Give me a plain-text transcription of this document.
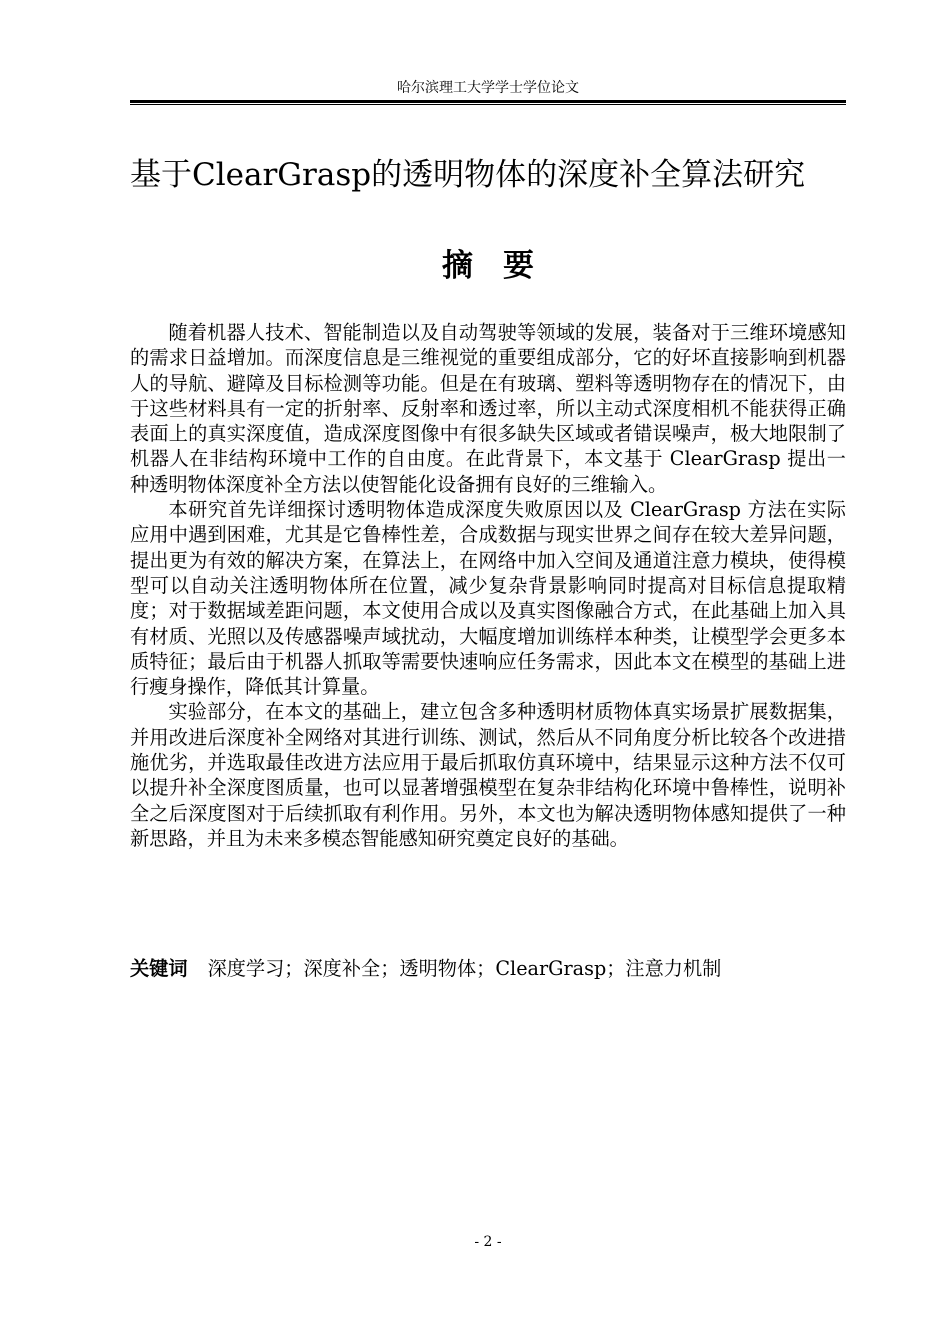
哈尔滨理工大学学士学位论文
基于ClearGrasp的透明物体的深度补全算法研究
摘要

随着机器人技术、智能制造以及自动驾驶等领域的发展，装备对于三维环境感知的需求日益增加。而深度信息是三维视觉的重要组成部分，它的好坏直接影响到机器人的导航、避障及目标检测等功能。但是在有玻璃、塑料等透明物存在的情况下，由于这些材料具有一定的折射率、反射率和透过率，所以主动式深度相机不能获得正确表面上的真实深度值，造成深度图像中有很多缺失区域或者错误噪声，极大地限制了机器人在非结构环境中工作的自由度。在此背景下，本文基于 ClearGrasp 提出一种透明物体深度补全方法以使智能化设备拥有良好的三维输入。

本研究首先详细探讨透明物体造成深度失败原因以及 ClearGrasp 方法在实际应用中遇到困难，尤其是它鲁棒性差，合成数据与现实世界之间存在较大差异问题，提出更为有效的解决方案，在算法上，在网络中加入空间及通道注意力模块，使得模型可以自动关注透明物体所在位置，减少复杂背景影响同时提高对目标信息提取精度；对于数据域差距问题，本文使用合成以及真实图像融合方式，在此基础上加入具有材质、光照以及传感器噪声域扰动，大幅度增加训练样本种类，让模型学会更多本质特征；最后由于机器人抓取等需要快速响应任务需求，因此本文在模型的基础上进行瘦身操作，降低其计算量。

实验部分，在本文的基础上，建立包含多种透明材质物体真实场景扩展数据集，并用改进后深度补全网络对其进行训练、测试，然后从不同角度分析比较各个改进措施优劣，并选取最佳改进方法应用于最后抓取仿真环境中，结果显示这种方法不仅可以提升补全深度图质量，也可以显著增强模型在复杂非结构化环境中鲁棒性，说明补全之后深度图对于后续抓取有利作用。另外，本文也为解决透明物体感知提供了一种新思路，并且为未来多模态智能感知研究奠定良好的基础。

关键词 深度学习；深度补全；透明物体；ClearGrasp；注意力机制
- 2 -
